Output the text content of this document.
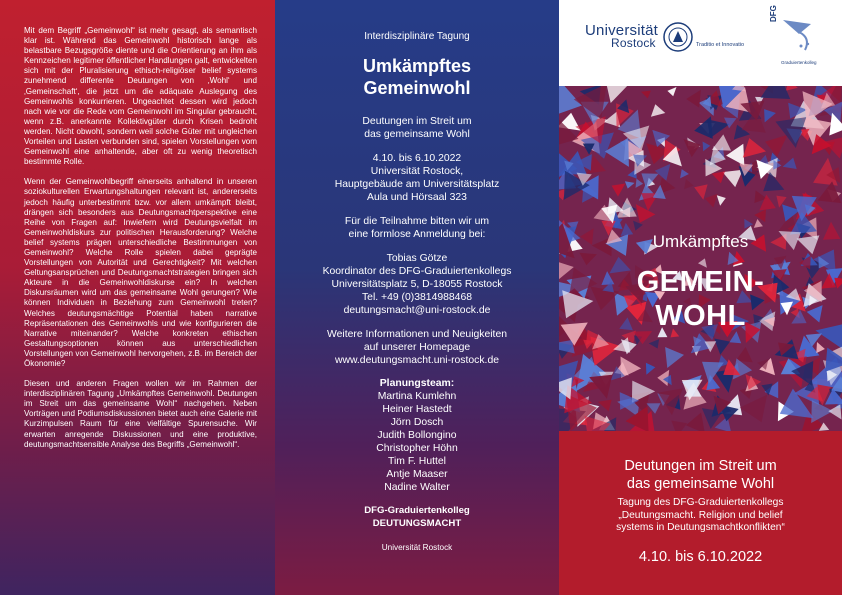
Mit dem Begriff „Gemeinwohl“ ist mehr gesagt, als semantisch klar ist. Während das Gemeinwohl historisch lange als belastbare Bezugsgröße diente und die Orientierung an ihm als Kennzeichen legitimer öffentlicher Handlungen galt, entwickelten sich mit der Pluralisierung ethisch-religiöser belief systems zunehmend differente Deutungen von ‚Wohl‘ und ‚Gemeinschaft‘, die jetzt um die adäquate Auslegung des Gemeinwohls konkurrieren. Ungeachtet dessen wird jedoch nach wie vor die Rede vom Gemeinwohl im Singular gebraucht, wenn z.B. anerkannte Kollektivgüter durch Krisen bedroht werden. Nicht obwohl, sondern weil solche Güter mit ungleichen Vorteilen und Lasten verbunden sind, spielen Vorstellungen vom Gemeinwohl eine anhaltende, aber oft zu wenig theoretisch bestimmte Rolle.

Wenn der Gemeinwohlbegriff einerseits anhaltend in unseren soziokulturellen Erwartungshaltungen relevant ist, andererseits jedoch häufig unterbestimmt bzw. vor allem umkämpft bleibt, drängen sich besonders aus Deutungsmachtperspektive eine Reihe von Fragen auf: Inwiefern wird Deutungsvielfalt im Gemeinwohldiskurs zur politischen Herausforderung? Welche belief systems prägen unterschiedliche Bestimmungen von Gemeinwohl? Welche Rolle spielen dabei geprägte Vorstellungen von Autorität und Gerechtigkeit? Mit welchen Geltungsansprüchen und Deutungsmachtstrategien bringen sich Akteure in die Gemeinwohldiskurse ein? In welchen Diskursräumen wird um das gemeinsame Wohl gerungen? Wie können Individuen in Beziehung zum Gemeinwohl treten? Welches deutungsmächtige Potential haben narrative Repräsentationen des Gemeinwohls und wie konfigurieren die Narrative miteinander? Welche konkreten ethischen Gestaltungsoptionen können aus unterschiedlichen Vorstellungen von Gemeinwohl hervorgehen, z.B. im Bereich der Ökonomie?

Diesen und anderen Fragen wollen wir im Rahmen der interdisziplinären Tagung „Umkämpftes Gemeinwohl. Deutungen im Streit um das gemeinsame Wohl“ nachgehen. Neben Vorträgen und Podiumsdiskussionen bietet auch eine Galerie mit Kurzimpulsen Raum für eine vielfältige Spurensuche. Wir erwarten anregende Diskussionen und eine produktive, deutungsmachtsensible Analyse des Begriffs „Gemeinwohl“.

Interdisziplinäre Tagung

Umkämpftes

Gemeinwohl

Deutungen im Streit um

das gemeinsame Wohl

4.10. bis 6.10.2022

Universität Rostock,

Hauptgebäude am Universitätsplatz

Aula und Hörsaal 323

Für die Teilnahme bitten wir um

eine formlose Anmeldung bei:

Tobias Götze

Koordinator des DFG-Graduiertenkollegs

Universitätsplatz 5, D-18055 Rostock

Tel. +49 (0)3814988468

deutungsmacht@uni-rostock.de

Weitere Informationen und Neuigkeiten

auf unserer Homepage

www.deutungsmacht.uni-rostock.de

Planungsteam:

Martina Kumlehn

Heiner Hastedt

Jörn Dosch

Judith Bollongino

Christopher Höhn

Tim F. Huttel

Antje Maaser

Nadine Walter

DFG-Graduiertenkolleg

DEUTUNGSMACHT

Universität Rostock

Universität
Rostock	Traditio et Innovatio
DFG
Graduiertenkolleg
Umkämpftes
GEMEIN-
WOHL
Deutungen im Streit um
das gemeinsame Wohl
Tagung des DFG-Graduiertenkollegs
„Deutungsmacht. Religion und belief
systems in Deutungsmachtkonflikten“
4.10. bis 6.10.2022
